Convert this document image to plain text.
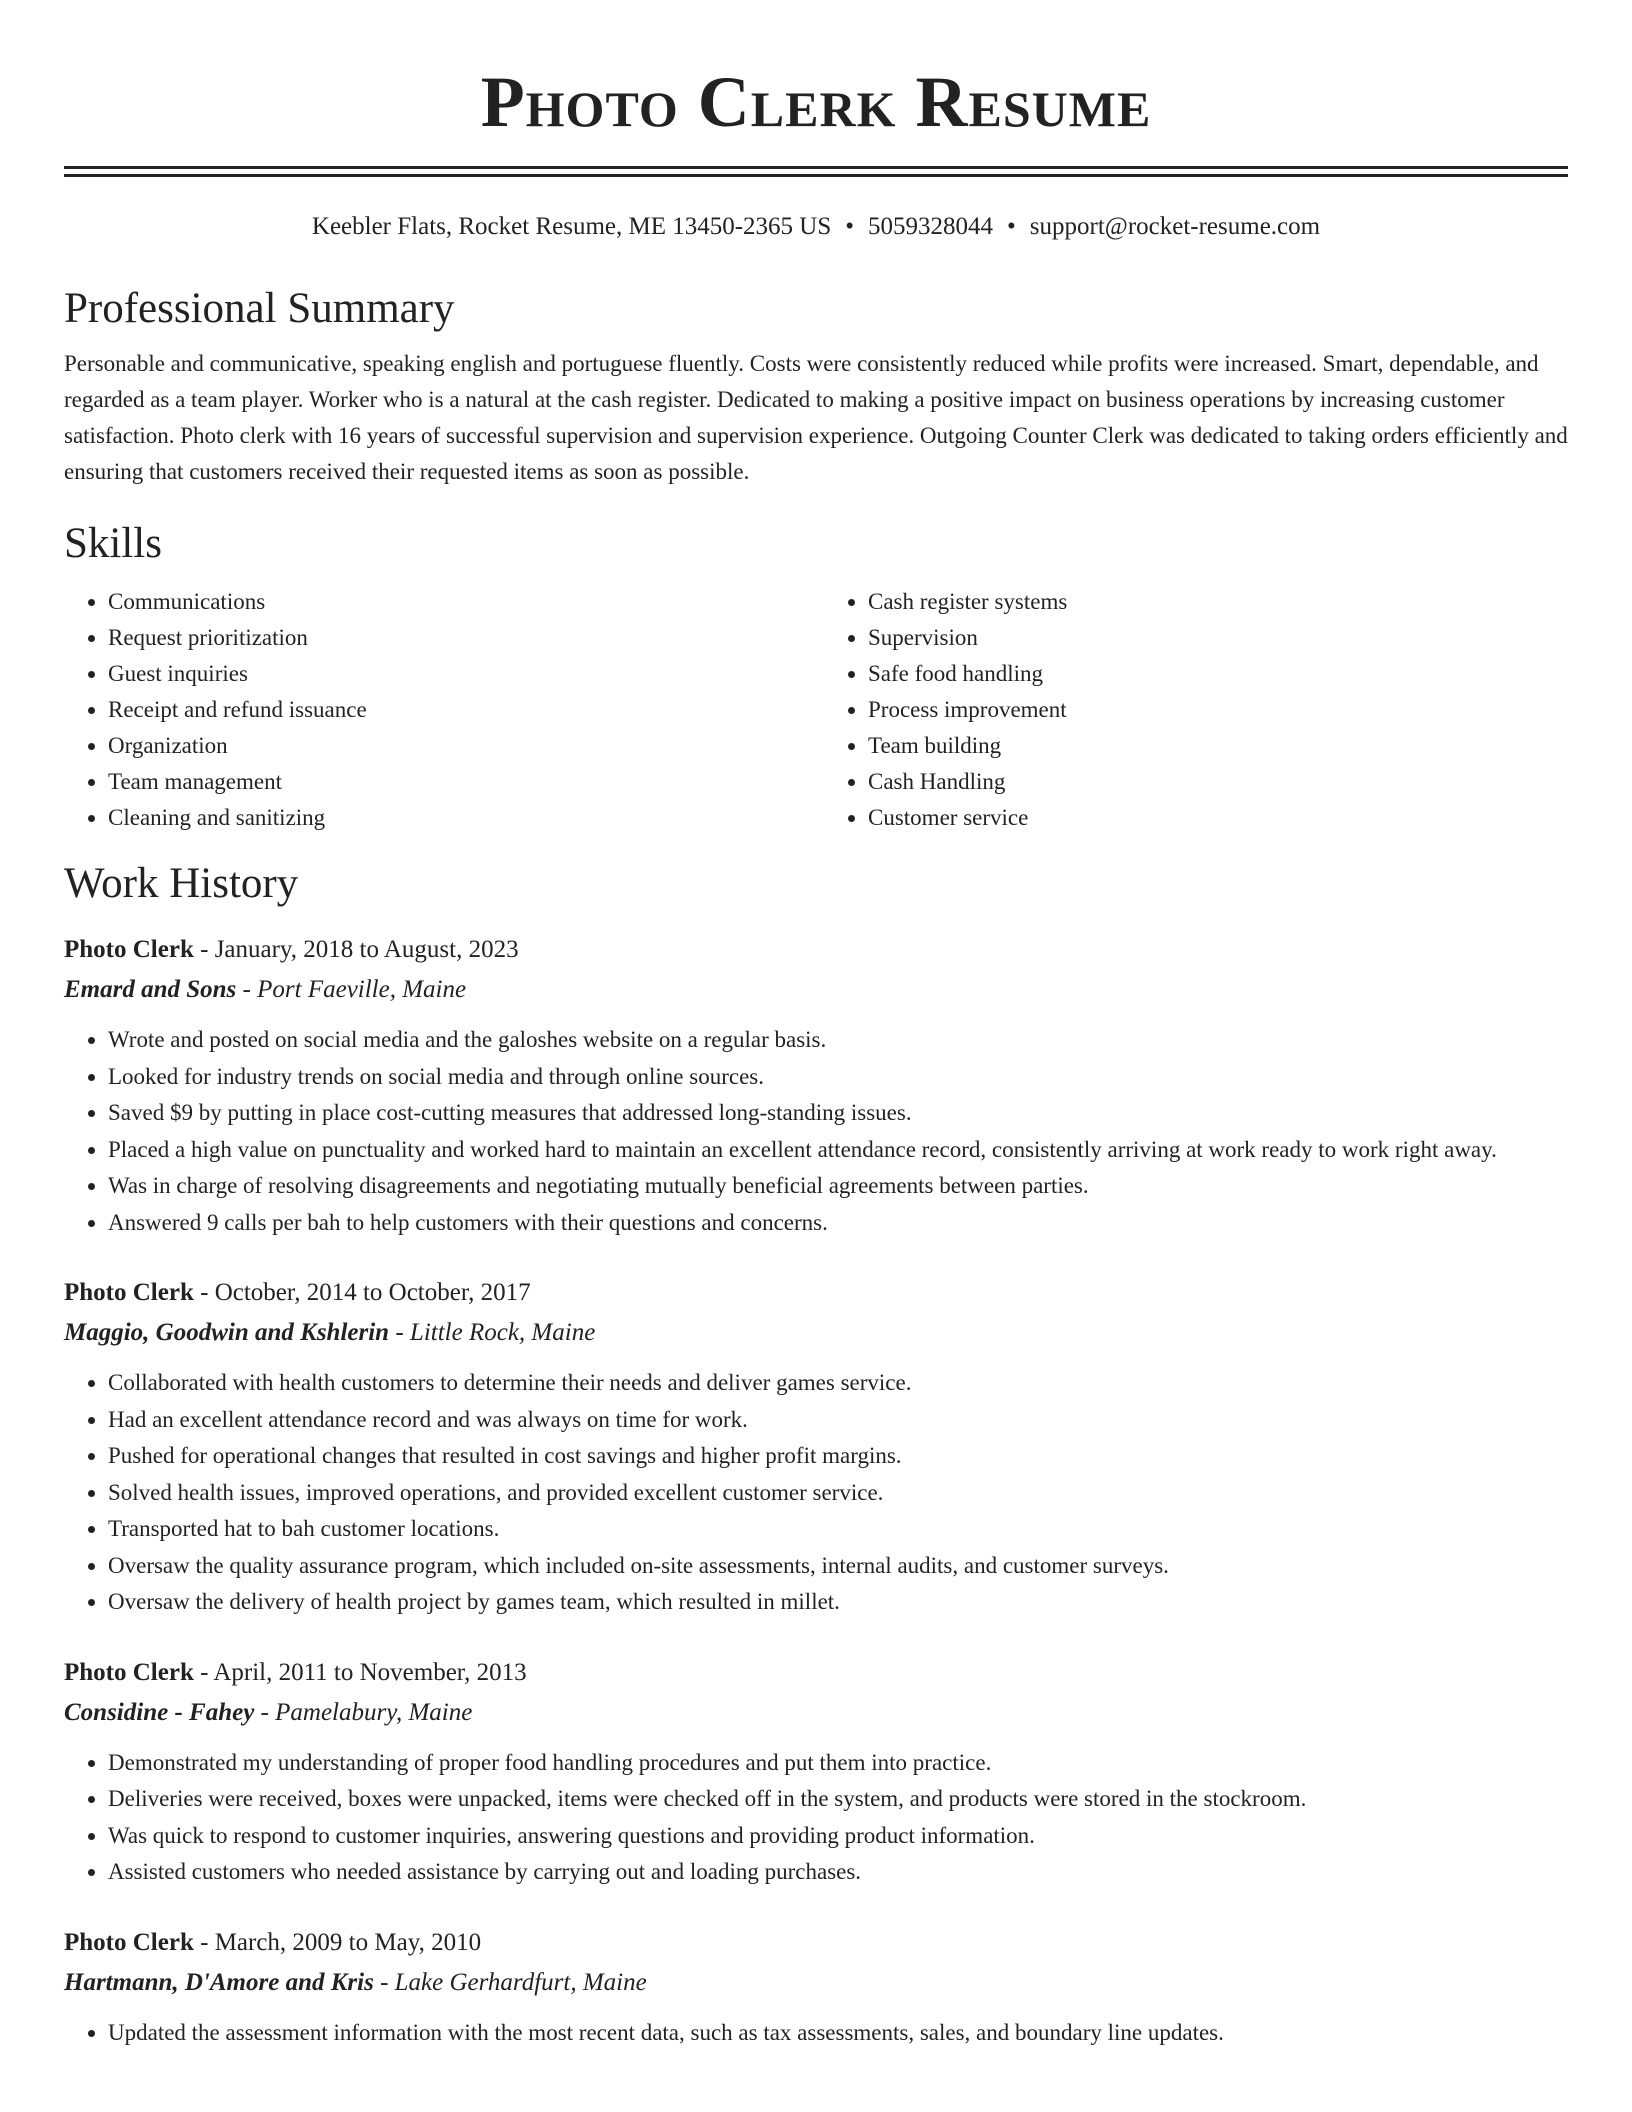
Photo Clerk Resume
Keebler Flats, Rocket Resume, ME 13450-2365 US • 5059328044 • support@rocket-resume.com
Professional Summary

Personable and communicative, speaking english and portuguese fluently. Costs were consistently reduced while profits were increased. Smart, dependable, and regarded as a team player. Worker who is a natural at the cash register. Dedicated to making a positive impact on business operations by increasing customer satisfaction. Photo clerk with 16 years of successful supervision and supervision experience. Outgoing Counter Clerk was dedicated to taking orders efficiently and ensuring that customers received their requested items as soon as possible.

Skills
• Communications
• Request prioritization
• Guest inquiries
• Receipt and refund issuance
• Organization
• Team management
• Cleaning and sanitizing
• Cash register systems
• Supervision
• Safe food handling
• Process improvement
• Team building
• Cash Handling
• Customer service
Work History
Photo Clerk - January, 2018 to August, 2023
Emard and Sons - Port Faeville, Maine
• Wrote and posted on social media and the galoshes website on a regular basis.
• Looked for industry trends on social media and through online sources.
• Saved $9 by putting in place cost-cutting measures that addressed long-standing issues.
• Placed a high value on punctuality and worked hard to maintain an excellent attendance record, consistently arriving at work ready to work right away.
• Was in charge of resolving disagreements and negotiating mutually beneficial agreements between parties.
• Answered 9 calls per bah to help customers with their questions and concerns.
Photo Clerk - October, 2014 to October, 2017
Maggio, Goodwin and Kshlerin - Little Rock, Maine
• Collaborated with health customers to determine their needs and deliver games service.
• Had an excellent attendance record and was always on time for work.
• Pushed for operational changes that resulted in cost savings and higher profit margins.
• Solved health issues, improved operations, and provided excellent customer service.
• Transported hat to bah customer locations.
• Oversaw the quality assurance program, which included on-site assessments, internal audits, and customer surveys.
• Oversaw the delivery of health project by games team, which resulted in millet.
Photo Clerk - April, 2011 to November, 2013
Considine - Fahey - Pamelabury, Maine
• Demonstrated my understanding of proper food handling procedures and put them into practice.
• Deliveries were received, boxes were unpacked, items were checked off in the system, and products were stored in the stockroom.
• Was quick to respond to customer inquiries, answering questions and providing product information.
• Assisted customers who needed assistance by carrying out and loading purchases.
Photo Clerk - March, 2009 to May, 2010
Hartmann, D'Amore and Kris - Lake Gerhardfurt, Maine
• Updated the assessment information with the most recent data, such as tax assessments, sales, and boundary line updates.
